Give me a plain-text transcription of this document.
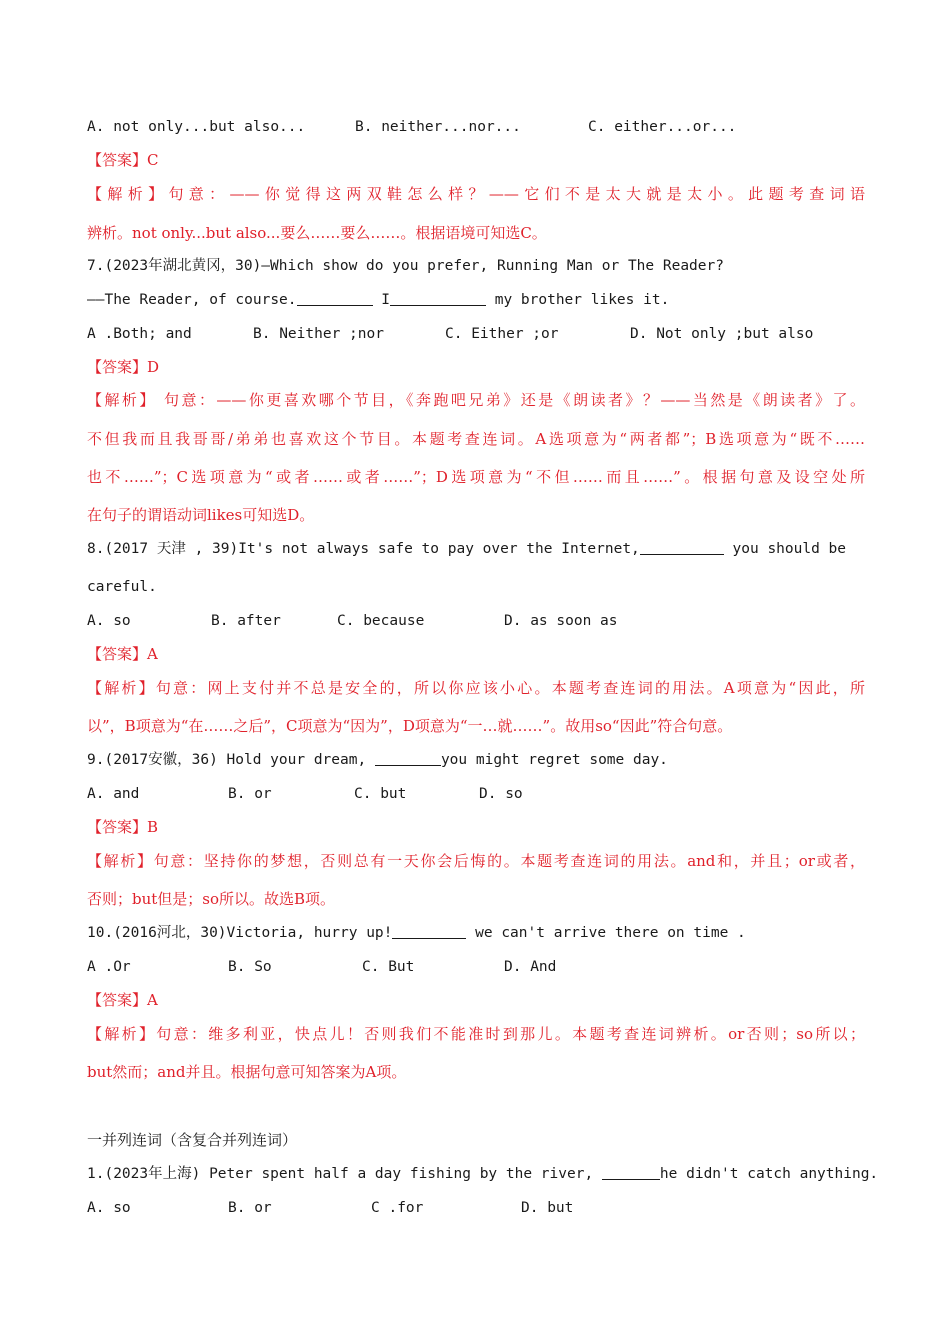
A. not only...but also...	B. neither...nor...	C. either...or...
【答案】C
【解析】句意：——你觉得这两双鞋怎么样？——它们不是太大就是太小。此题考查词语
辨析。not only...but also...要么……要么……。根据语境可知选C。
7.(2023年湖北黄冈，30)—Which show do you prefer, Running Man or The Reader?
——The Reader, of course.	I	my brother likes it.
A .Both; and	B. Neither ;nor	C. Either ;or	D. Not only ;but also
【答案】D
【解析】 句意：——你更喜欢哪个节目，《奔跑吧兄弟》还是《朗读者》？——当然是《朗读者》了。
不但我而且我哥哥/弟弟也喜欢这个节目。本题考查连词。A选项意为“两者都”；B选项意为“既不……
也不……”；C选项意为“或者……或者……”；D选项意为“不但……而且……”。根据句意及设空处所
在句子的谓语动词likes可知选D。
8.(2017 天津 , 39)It's not always safe to pay over the Internet,	you should be
careful.
A. so	B. after	C. because	D. as soon as
【答案】A
【解析】句意：网上支付并不总是安全的，所以你应该小心。本题考查连词的用法。A项意为“因此，所
以”，B项意为“在……之后”，C项意为“因为”，D项意为“一…就……”。故用so“因此”符合句意。
9.(2017安徽，36) Hold your dream,	you might regret some day.
A. and	B. or	C. but	D. so
【答案】B
【解析】句意：坚持你的梦想，否则总有一天你会后悔的。本题考查连词的用法。and和，并且；or或者，
否则；but但是；so所以。故选B项。
10.(2016河北，30)Victoria, hurry up!	we can't arrive there on time .
A .Or	B. So	C. But	D. And
【答案】A
【解析】句意：维多利亚，快点儿！否则我们不能准时到那儿。本题考查连词辨析。or否则；so所以；
but然而；and并且。根据句意可知答案为A项。
一并列连词（含复合并列连词）
1.(2023年上海) Peter spent half a day fishing by the river,	he didn't catch anything.
A. so	B. or	C .for	D. but
